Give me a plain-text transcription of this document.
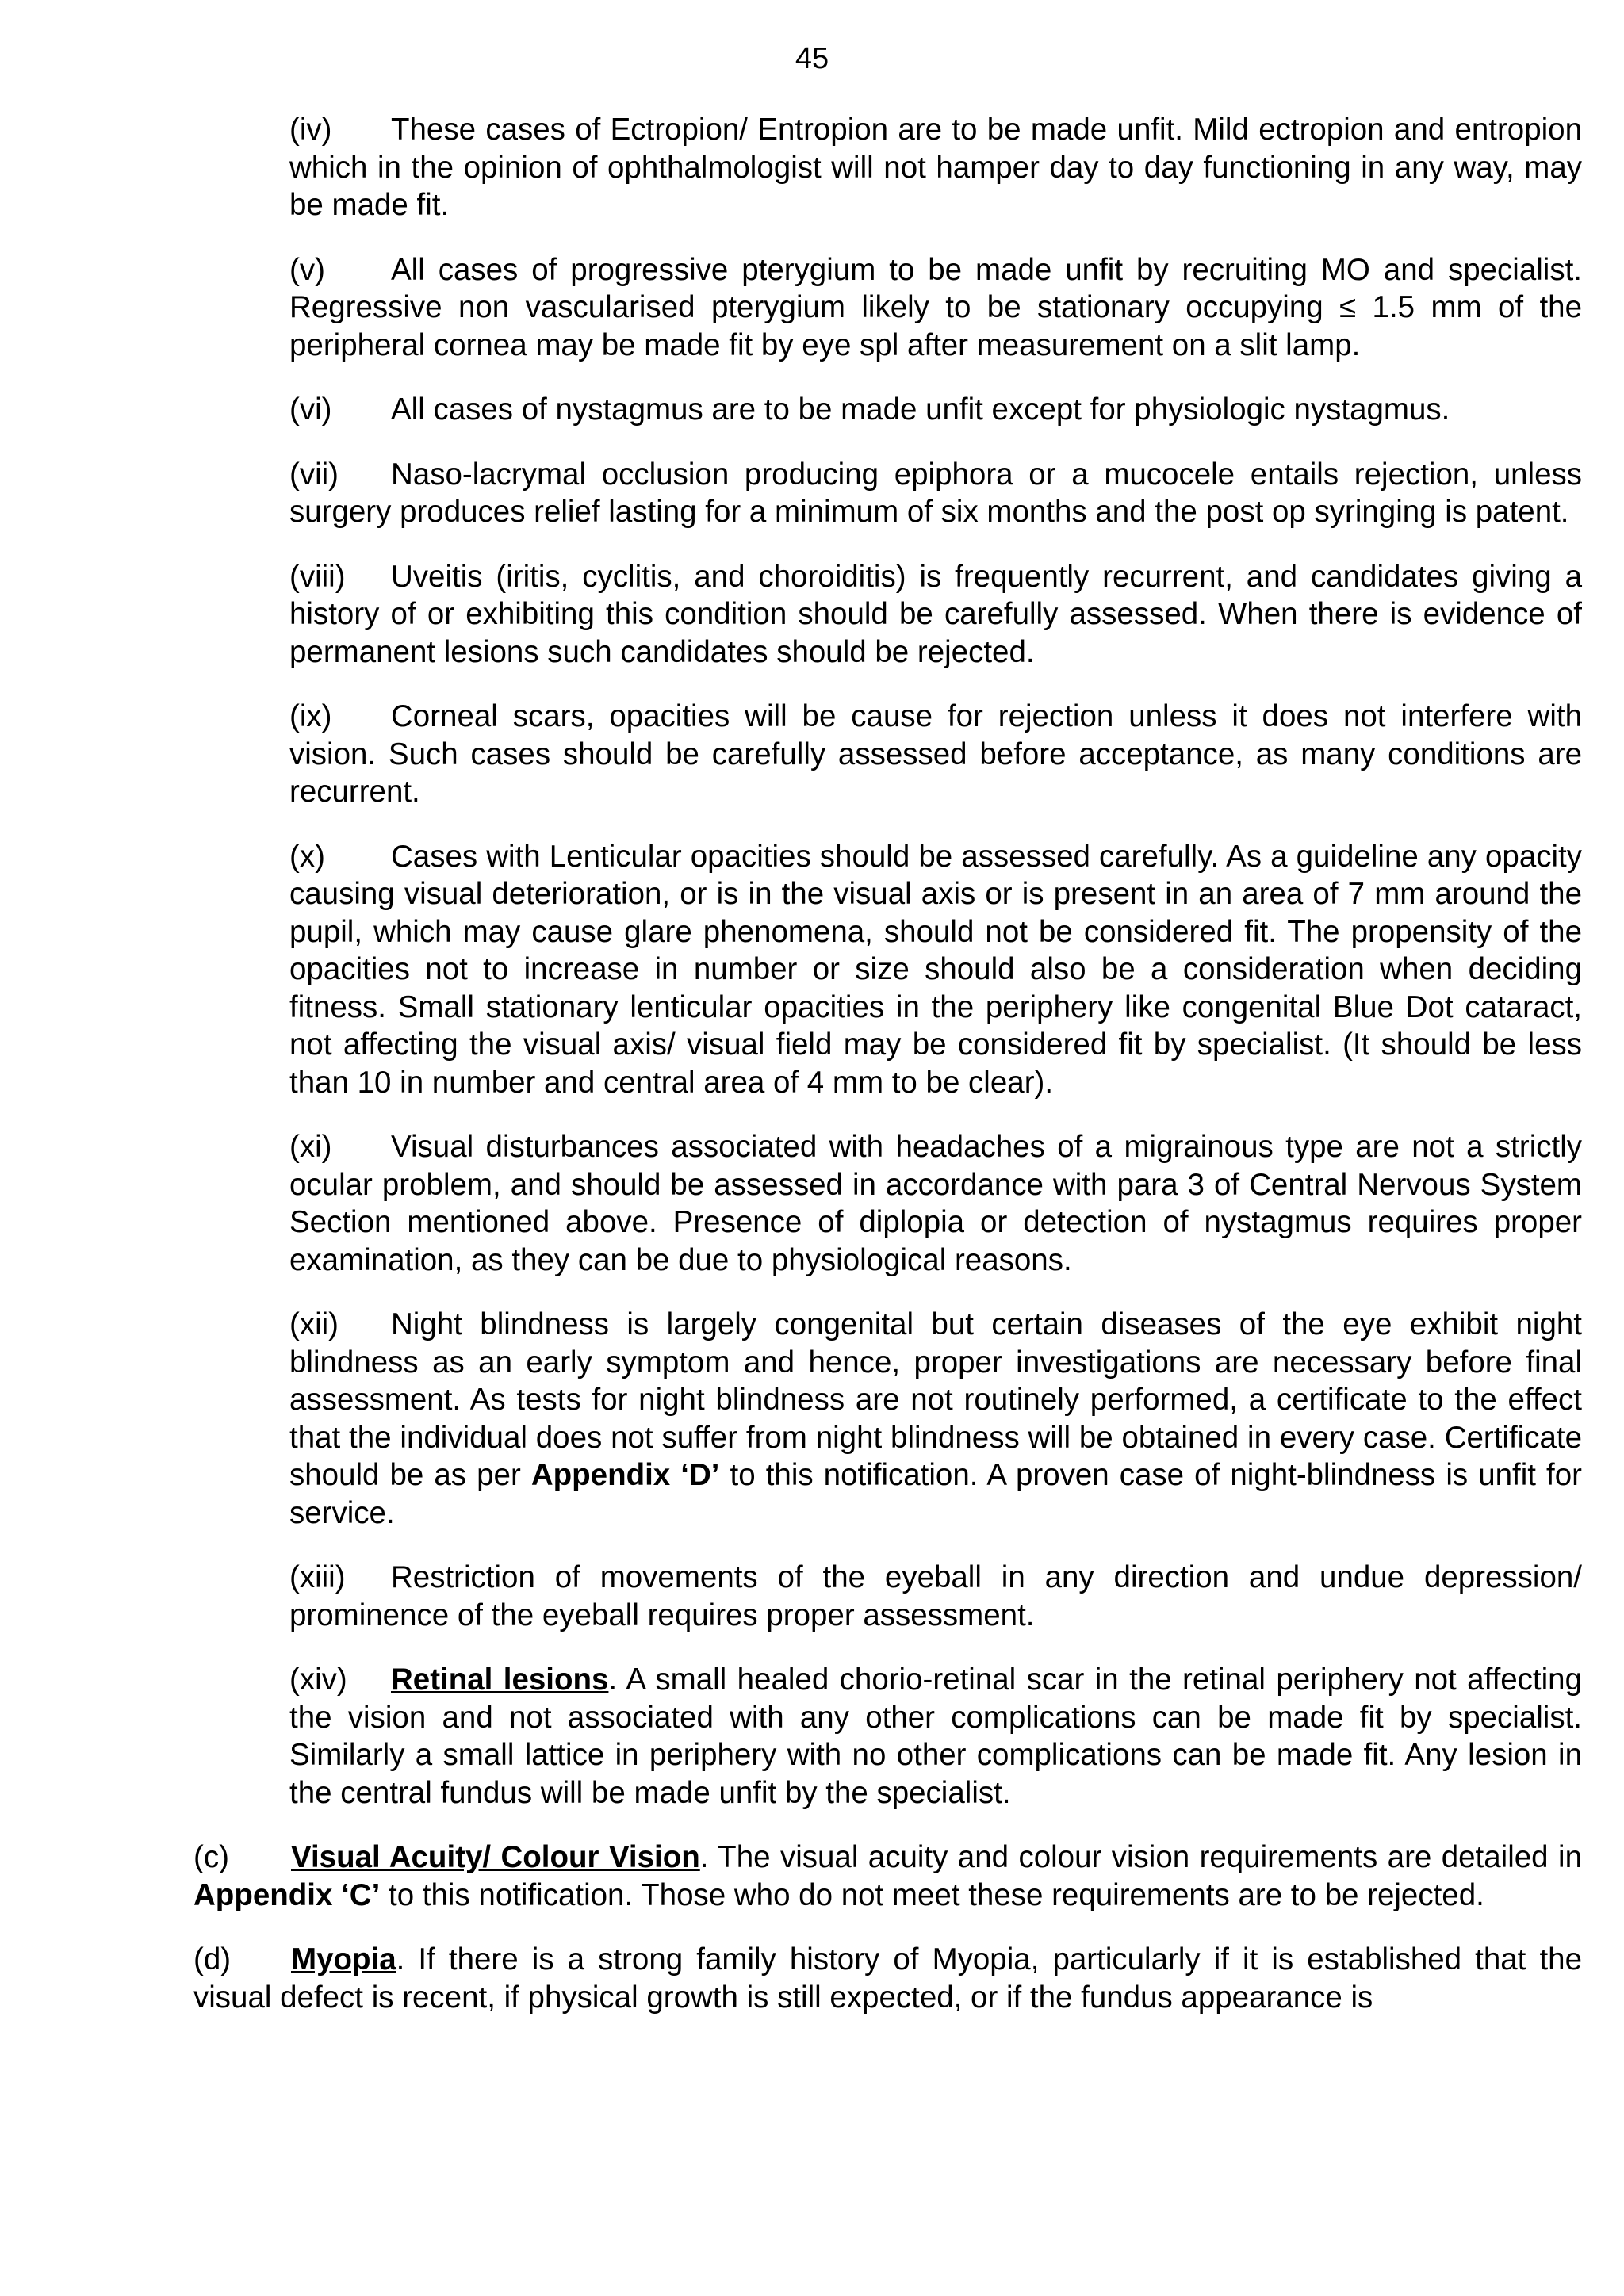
45

(iv) These cases of Ectropion/ Entropion are to be made unfit. Mild ectropion and entropion which in the opinion of ophthalmologist will not hamper day to day functioning in any way, may be made fit.

(v) All cases of progressive pterygium to be made unfit by recruiting MO and specialist. Regressive non vascularised pterygium likely to be stationary occupying ≤ 1.5 mm of the peripheral cornea may be made fit by eye spl after measurement on a slit lamp.

(vi) All cases of nystagmus are to be made unfit except for physiologic nystagmus.

(vii) Naso-lacrymal occlusion producing epiphora or a mucocele entails rejection, unless surgery produces relief lasting for a minimum of six months and the post op syringing is patent.

(viii) Uveitis (iritis, cyclitis, and choroiditis) is frequently recurrent, and candidates giving a history of or exhibiting this condition should be carefully assessed. When there is evidence of permanent lesions such candidates should be rejected.

(ix) Corneal scars, opacities will be cause for rejection unless it does not interfere with vision. Such cases should be carefully assessed before acceptance, as many conditions are recurrent.

(x) Cases with Lenticular opacities should be assessed carefully. As a guideline any opacity causing visual deterioration, or is in the visual axis or is present in an area of 7 mm around the pupil, which may cause glare phenomena, should not be considered fit. The propensity of the opacities not to increase in number or size should also be a consideration when deciding fitness. Small stationary lenticular opacities in the periphery like congenital Blue Dot cataract, not affecting the visual axis/ visual field may be considered fit by specialist. (It should be less than 10 in number and central area of 4 mm to be clear).

(xi) Visual disturbances associated with headaches of a migrainous type are not a strictly ocular problem, and should be assessed in accordance with para 3 of Central Nervous System Section mentioned above. Presence of diplopia or detection of nystagmus requires proper examination, as they can be due to physiological reasons.

(xii) Night blindness is largely congenital but certain diseases of the eye exhibit night blindness as an early symptom and hence, proper investigations are necessary before final assessment. As tests for night blindness are not routinely performed, a certificate to the effect that the individual does not suffer from night blindness will be obtained in every case. Certificate should be as per Appendix ‘D’ to this notification. A proven case of night-blindness is unfit for service.

(xiii) Restriction of movements of the eyeball in any direction and undue depression/ prominence of the eyeball requires proper assessment.

(xiv) Retinal lesions. A small healed chorio-retinal scar in the retinal periphery not affecting the vision and not associated with any other complications can be made fit by specialist. Similarly a small lattice in periphery with no other complications can be made fit. Any lesion in the central fundus will be made unfit by the specialist.

(c) Visual Acuity/ Colour Vision. The visual acuity and colour vision requirements are detailed in Appendix ‘C’ to this notification. Those who do not meet these requirements are to be rejected.

(d) Myopia. If there is a strong family history of Myopia, particularly if it is established that the visual defect is recent, if physical growth is still expected, or if the fundus appearance is
